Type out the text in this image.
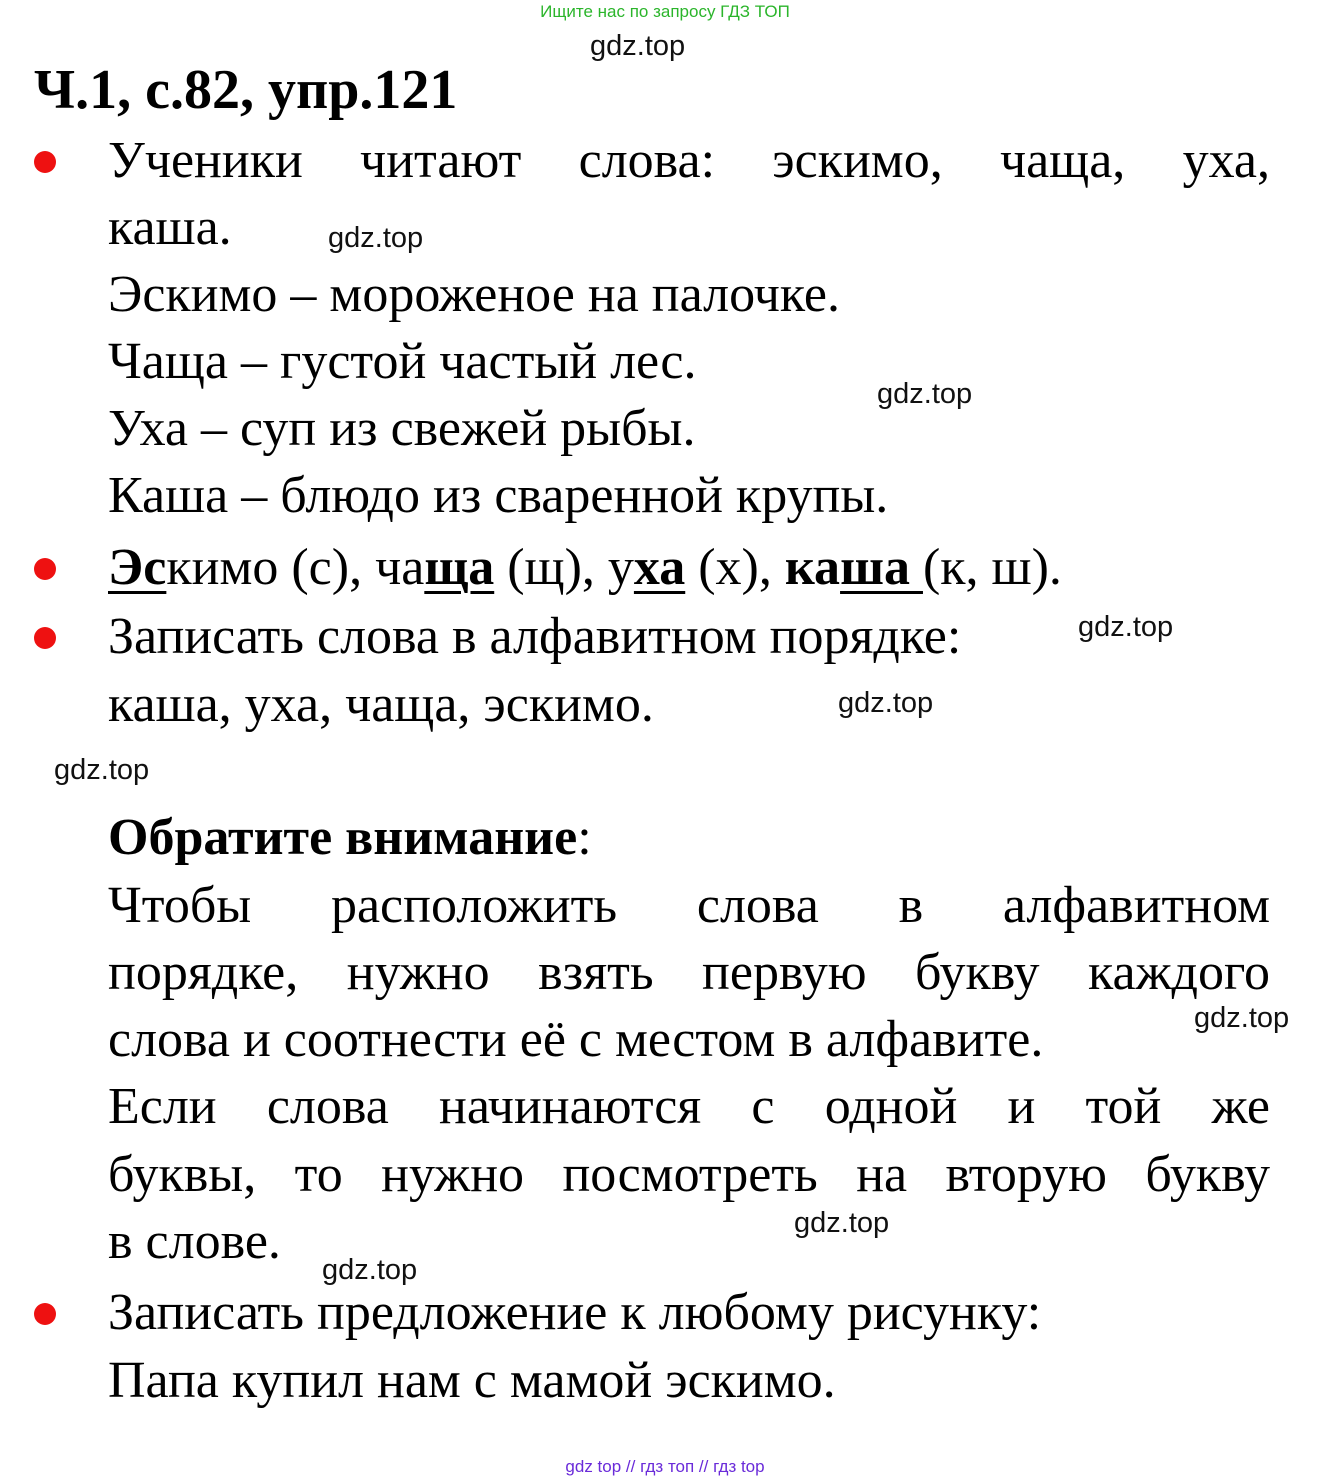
Ищите нас по запросу ГДЗ ТОП
gdz.top
gdz.top
gdz.top
gdz.top
gdz.top
gdz.top
gdz.top
gdz.top
gdz.top
Ч.1, с.82, упр.121
Ученики читают слова: эскимо, чаща, уха,
каша.
Эскимо – мороженое на палочке.
Чаща – густой частый лес.
Уха – суп из свежей рыбы.
Каша – блюдо из сваренной крупы.
Эскимо (с), чаща (щ), уха (х), каша (к, ш).
Записать слова в алфавитном порядке:
каша, уха, чаща, эскимо.
Обратите внимание:
Чтобы расположить слова в алфавитном
порядке, нужно взять первую букву каждого
слова и соотнести её с местом в алфавите.
Если слова начинаются с одной и той же
буквы, то нужно посмотреть на вторую букву
в слове.
Записать предложение к любому рисунку:
Папа купил нам с мамой эскимо.
gdz top // гдз топ // гдз top
